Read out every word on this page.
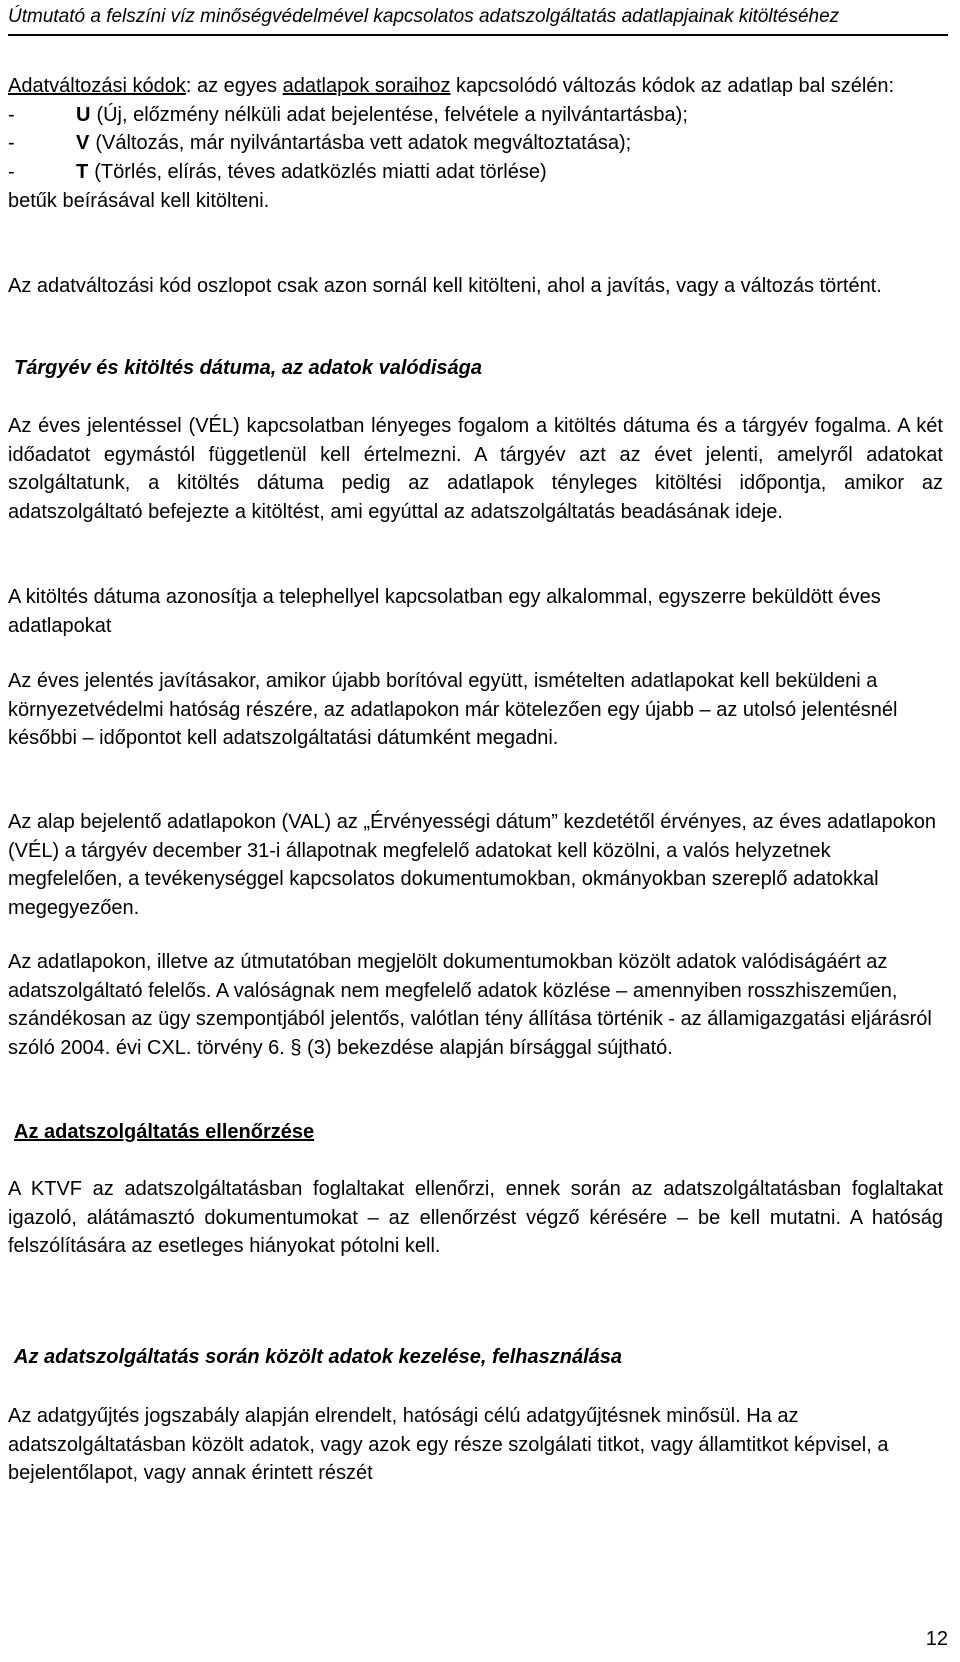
Útmutató a felszíni víz minőségvédelmével kapcsolatos adatszolgáltatás adatlapjainak kitöltéséhez

Adatváltozási kódok: az egyes adatlapok soraihoz kapcsolódó változás kódok az adatlap bal szélén:

-	U (Új, előzmény nélküli adat bejelentése, felvétele a nyilvántartásba);

-	V (Változás, már nyilvántartásba vett adatok megváltoztatása);

-	T (Törlés, elírás, téves adatközlés miatti adat törlése)

betűk beírásával kell kitölteni.

Az adatváltozási kód oszlopot csak azon sornál kell kitölteni, ahol a javítás, vagy a változás történt.

Tárgyév és kitöltés dátuma, az adatok valódisága

Az éves jelentéssel (VÉL) kapcsolatban lényeges fogalom a kitöltés dátuma és a tárgyév fogalma. A két időadatot egymástól függetlenül kell értelmezni. A tárgyév azt az évet jelenti, amelyről adatokat szolgáltatunk, a kitöltés dátuma pedig az adatlapok tényleges kitöltési időpontja, amikor az adatszolgáltató befejezte a kitöltést, ami egyúttal az adatszolgáltatás beadásának ideje.

A kitöltés dátuma azonosítja a telephellyel kapcsolatban egy alkalommal, egyszerre beküldött éves adatlapokat

Az éves jelentés javításakor, amikor újabb borítóval együtt, ismételten adatlapokat kell beküldeni a környezetvédelmi hatóság részére, az adatlapokon már kötelezően egy újabb – az utolsó jelentésnél későbbi – időpontot kell adatszolgáltatási dátumként megadni.

Az alap bejelentő adatlapokon (VAL) az „Érvényességi dátum” kezdetétől érvényes, az éves adatlapokon (VÉL) a tárgyév december 31-i állapotnak megfelelő adatokat kell közölni, a valós helyzetnek megfelelően, a tevékenységgel kapcsolatos dokumentumokban, okmányokban szereplő adatokkal megegyezően.

Az adatlapokon, illetve az útmutatóban megjelölt dokumentumokban közölt adatok valódiságáért az adatszolgáltató felelős. A valóságnak nem megfelelő adatok közlése – amennyiben rosszhiszeműen, szándékosan az ügy szempontjából jelentős, valótlan tény állítása történik - az államigazgatási eljárásról szóló 2004. évi CXL. törvény 6. § (3) bekezdése alapján bírsággal sújtható.

Az adatszolgáltatás ellenőrzése

A KTVF az adatszolgáltatásban foglaltakat ellenőrzi, ennek során az adatszolgáltatásban foglaltakat igazoló, alátámasztó dokumentumokat – az ellenőrzést végző kérésére – be kell mutatni. A hatóság felszólítására az esetleges hiányokat pótolni kell.

Az adatszolgáltatás során közölt adatok kezelése, felhasználása

Az adatgyűjtés jogszabály alapján elrendelt, hatósági célú adatgyűjtésnek minősül. Ha az adatszolgáltatásban közölt adatok, vagy azok egy része szolgálati titkot, vagy államtitkot képvisel, a bejelentőlapot, vagy annak érintett részét

12
